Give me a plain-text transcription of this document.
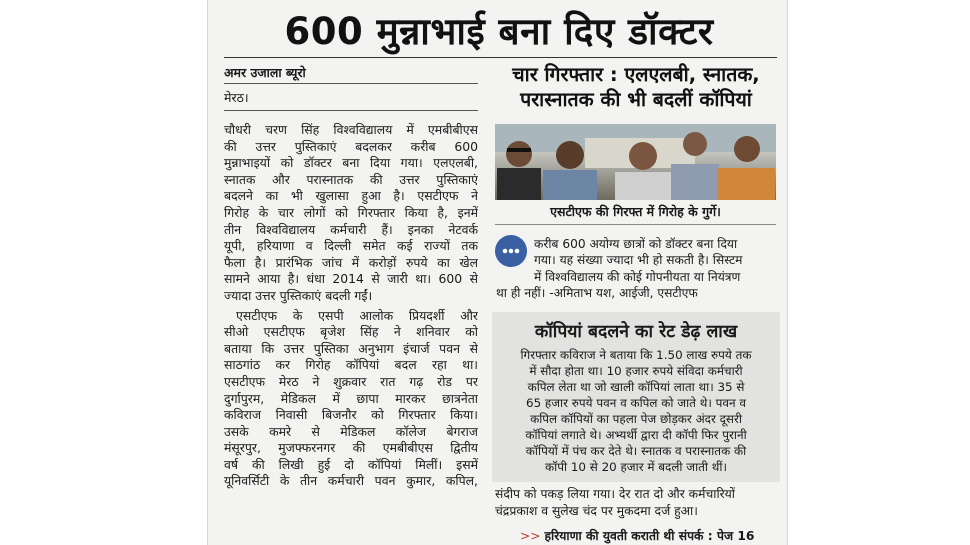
600 मुन्नाभाई बना दिए डॉक्टर
अमर उजाला ब्यूरो
मेरठ।
चार गिरफ्तार : एलएलबी, स्नातक,
परास्नातक की भी बदलीं कॉपियां

चौधरी चरण सिंह विश्वविद्यालय में एमबीबीएस
की उत्तर पुस्तिकाएं बदलकर करीब 600
मुन्नाभाइयों को डॉक्टर बना दिया गया। एलएलबी,
स्नातक और परास्नातक की उत्तर पुस्तिकाएं
बदलने का भी खुलासा हुआ है। एसटीएफ ने
गिरोह के चार लोगों को गिरफ्तार किया है, इनमें
तीन विश्वविद्यालय कर्मचारी हैं। इनका नेटवर्क
यूपी, हरियाणा व दिल्ली समेत कई राज्यों तक
फैला है। प्रारंभिक जांच में करोड़ों रुपये का खेल
सामने आया है। धंधा 2014 से जारी था। 600 से
ज्यादा उत्तर पुस्तिकाएं बदली गईं।

एसटीएफ के एसपी आलोक प्रियदर्शी और
सीओ एसटीएफ बृजेश सिंह ने शनिवार को
बताया कि उत्तर पुस्तिका अनुभाग इंचार्ज पवन से
साठगांठ कर गिरोह कॉपियां बदल रहा था।
एसटीएफ मेरठ ने शुक्रवार रात गढ़ रोड पर
दुर्गापुरम, मेडिकल में छापा मारकर छात्रनेता
कविराज निवासी बिजनौर को गिरफ्तार किया।
उसके कमरे से मेडिकल कॉलेज बेगराज
मंसूरपुर, मुजफ्फरनगर की एमबीबीएस द्वितीय
वर्ष की लिखी हुई दो कॉपियां मिलीं। इसमें
यूनिवर्सिटी के तीन कर्मचारी पवन कुमार, कपिल,

एसटीएफ की गिरफ्त में गिरोह के गुर्गे।
करीब 600 अयोग्य छात्रों को डॉक्टर बना दिया
गया। यह संख्या ज्यादा भी हो सकती है। सिस्टम
में विश्वविद्यालय की कोई गोपनीयता या नियंत्रण
था ही नहीं। -अमिताभ यश, आईजी, एसटीएफ
कॉपियां बदलने का रेट डेढ़ लाख
गिरफ्तार कविराज ने बताया कि 1.50 लाख रुपये तक
में सौदा होता था। 10 हजार रुपये संविदा कर्मचारी
कपिल लेता था जो खाली कॉपियां लाता था। 35 से
65 हजार रुपये पवन व कपिल को जाते थे। पवन व
कपिल कॉपियों का पहला पेज छोड़कर अंदर दूसरी
कॉपियां लगाते थे। अभ्यर्थी द्वारा दी कॉपी फिर पुरानी
कॉपियों में पंच कर देते थे। स्नातक व परास्नातक की
कॉपी 10 से 20 हजार में बदली जाती थीं।
संदीप को पकड़ लिया गया। देर रात दो और कर्मचारियों
चंद्रप्रकाश व सुलेख चंद पर मुकदमा दर्ज हुआ।
>> हरियाणा की युवती कराती थी संपर्क : पेज 16
